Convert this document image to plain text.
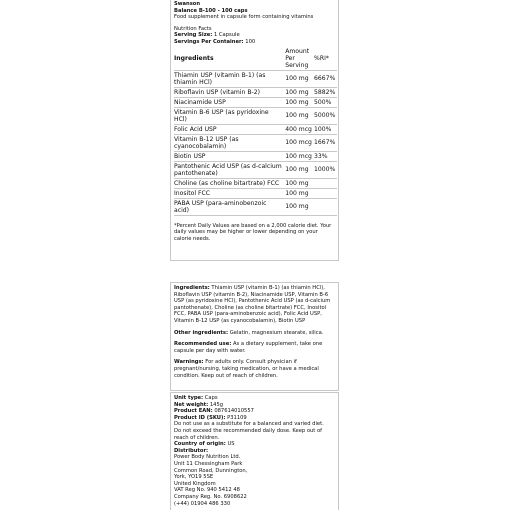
Swanson
Balance B-100 - 100 caps
Food supplement in capsule form containing vitamins
Nutrition Facts
Serving Size: 1 Capsule
Servings Per Container: 100
Ingredients	Amount Per Serving	%RI*
Thiamin USP (vitamin B-1) (as thiamin HCl)	100 mg	6667%
Riboflavin USP (vitamin B-2)	100 mg	5882%
Niacinamide USP	100 mg	500%
Vitamin B-6 USP (as pyridoxine HCl)	100 mg	5000%
Folic Acid USP	400 mcg	100%
Vitamin B-12 USP (as cyanocobalamin)	100 mcg	1667%
Biotin USP	100 mcg	33%
Pantothenic Acid USP (as d-calcium pantothenate)	100 mg	1000%
Choline (as choline bitartrate) FCC	100 mg	
Inositol FCC	100 mg	
PABA USP (para-aminobenzoic acid)	100 mg	
*Percent Daily Values are based on a 2,000 calorie diet. Your daily values may be higher or lower depending on your calorie needs.

Ingredients: Thiamin USP (vitamin B-1) (as thiamin HCl), Riboflavin USP (vitamin B-2), Niacinamide USP, Vitamin B-6 USP (as pyridoxine HCl), Pantothenic Acid USP (as d-calcium pantothenate), Choline (as choline bitartrate) FCC, Inositol FCC, PABA USP (para-aminobenzoic acid), Folic Acid USP, Vitamin B-12 USP (as cyanocobalamin), Biotin USP

Other ingredients: Gelatin, magnesium stearate, silica.

Recommended use: As a dietary supplement, take one capsule per day with water.

Warnings: For adults only. Consult physician if pregnant/nursing, taking medication, or have a medical condition. Keep out of reach of children.

Unit type: Caps
Net weight: 145g
Product EAN: 087614010557
Product ID (SKU): P31109
Do not use as a substitute for a balanced and varied diet.
Do not exceed the recommended daily dose. Keep out of reach of children.
Country of origin: US
Distributor:
Power Body Nutrition Ltd.
Unit 11 Chessingham Park
Common Road, Dunnington,
York, YO19 5SE
United Kingdom
VAT Reg No. 940 5412 48
Company Reg. No. 6908622
(+44) 01904 486 330
